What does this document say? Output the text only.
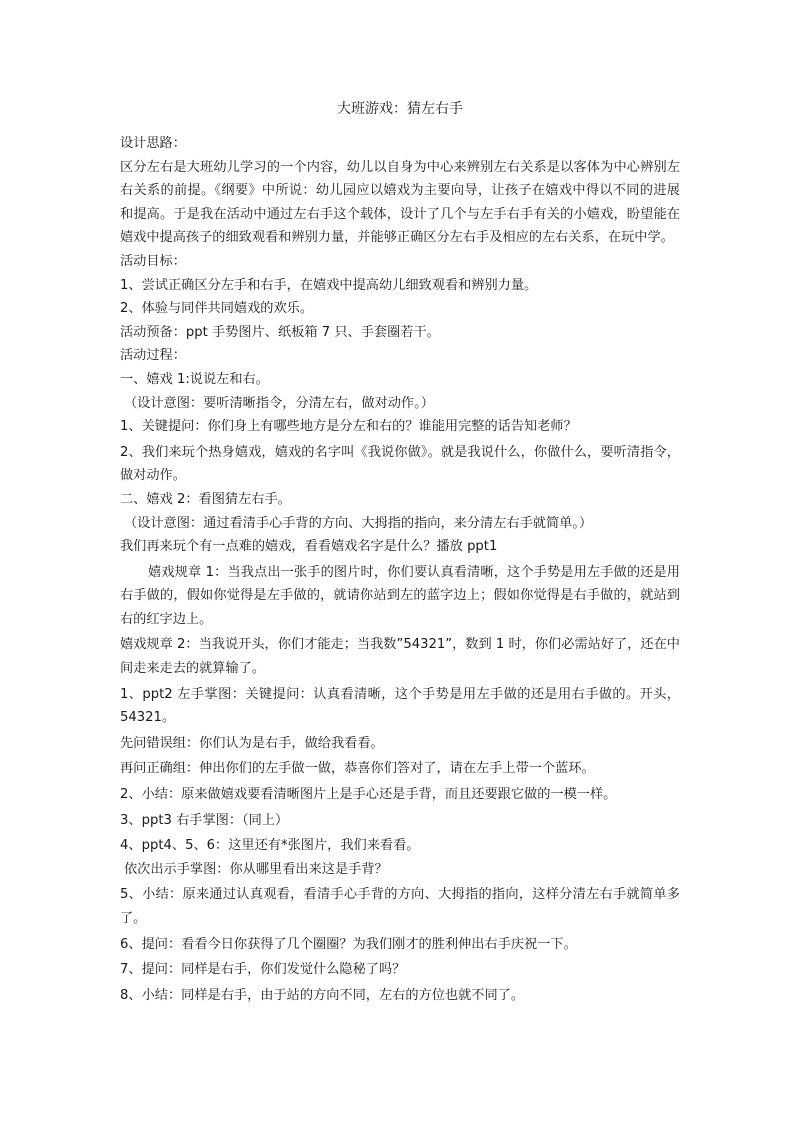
大班游戏：猜左右手

设计思路：

区分左右是大班幼儿学习的一个内容，幼儿以自身为中心来辨别左右关系是以客体为中心辨别左右关系的前提。《纲要》中所说：幼儿园应以嬉戏为主要向导，让孩子在嬉戏中得以不同的进展和提高。于是我在活动中通过左右手这个载体，设计了几个与左手右手有关的小嬉戏，盼望能在嬉戏中提高孩子的细致观看和辨别力量，并能够正确区分左右手及相应的左右关系，在玩中学。

活动目标：

1、尝试正确区分左手和右手，在嬉戏中提高幼儿细致观看和辨别力量。

2、体验与同伴共同嬉戏的欢乐。

活动预备：ppt 手势图片、纸板箱 7 只、手套圈若干。

活动过程：

一、嬉戏 1:说说左和右。

（设计意图：要听清晰指令，分清左右，做对动作。）

1、关键提问：你们身上有哪些地方是分左和右的？谁能用完整的话告知老师？

2、我们来玩个热身嬉戏，嬉戏的名字叫《我说你做》。就是我说什么，你做什么，要听清指令，做对动作。

二、嬉戏 2：看图猜左右手。

（设计意图：通过看清手心手背的方向、大拇指的指向，来分清左右手就简单。）

我们再来玩个有一点难的嬉戏，看看嬉戏名字是什么？播放 ppt1

嬉戏规章 1：当我点出一张手的图片时，你们要认真看清晰，这个手势是用左手做的还是用右手做的，假如你觉得是左手做的，就请你站到左的蓝字边上；假如你觉得是右手做的，就站到右的红字边上。

嬉戏规章 2：当我说开头，你们才能走；当我数”54321”，数到 1 时，你们必需站好了，还在中间走来走去的就算输了。

1、ppt2 左手掌图：关键提问：认真看清晰，这个手势是用左手做的还是用右手做的。开头，54321。

先问错误组：你们认为是右手，做给我看看。

再问正确组：伸出你们的左手做一做，恭喜你们答对了，请在左手上带一个蓝环。

2、小结：原来做嬉戏要看清晰图片上是手心还是手背，而且还要跟它做的一模一样。

3、ppt3 右手掌图：（同上）

4、ppt4、5、6：这里还有*张图片，我们来看看。

依次出示手掌图：你从哪里看出来这是手背？

5、小结：原来通过认真观看，看清手心手背的方向、大拇指的指向，这样分清左右手就简单多了。

6、提问：看看今日你获得了几个圈圈？为我们刚才的胜利伸出右手庆祝一下。

7、提问：同样是右手，你们发觉什么隐秘了吗？

8、小结：同样是右手，由于站的方向不同，左右的方位也就不同了。
